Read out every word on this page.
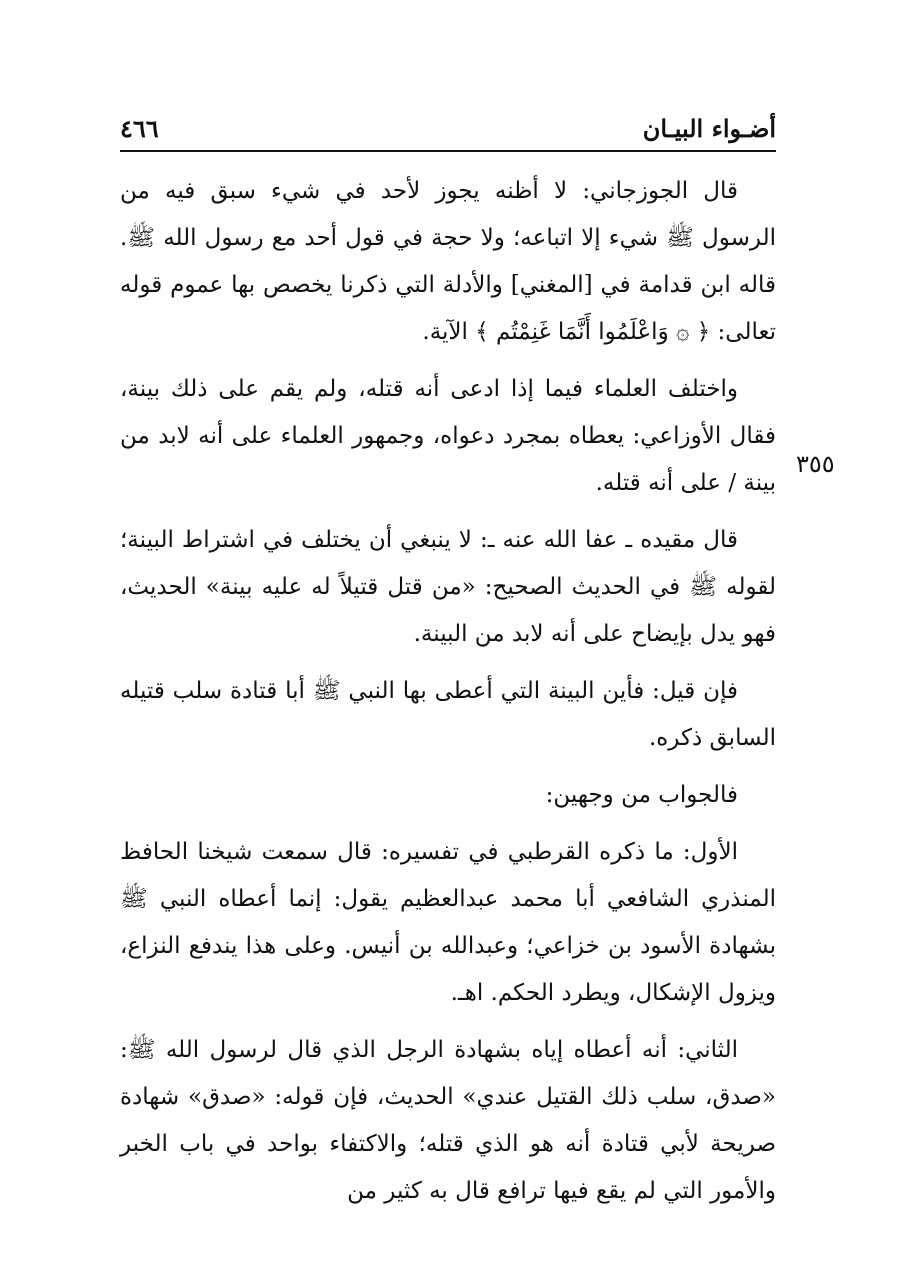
أضـواء البيـان
٤٦٦
٣٥٥

قال الجوزجاني: لا أظنه يجوز لأحد في شيء سبق فيه من الرسول ﷺ شيء إلا اتباعه؛ ولا حجة في قول أحد مع رسول الله ﷺ. قاله ابن قدامة في [المغني] والأدلة التي ذكرنا يخصص بها عموم قوله تعالى: ﴿ ۞ وَاعْلَمُوا أَنَّمَا غَنِمْتُم ﴾ الآية.

واختلف العلماء فيما إذا ادعى أنه قتله، ولم يقم على ذلك بينة، فقال الأوزاعي: يعطاه بمجرد دعواه، وجمهور العلماء على أنه لابد من بينة / على أنه قتله.

قال مقيده ـ عفا الله عنه ـ: لا ينبغي أن يختلف في اشتراط البينة؛ لقوله ﷺ في الحديث الصحيح: «من قتل قتيلاً له عليه بينة» الحديث، فهو يدل بإيضاح على أنه لابد من البينة.

فإن قيل: فأين البينة التي أعطى بها النبي ﷺ أبا قتادة سلب قتيله السابق ذكره.

فالجواب من وجهين:

الأول: ما ذكره القرطبي في تفسيره: قال سمعت شيخنا الحافظ المنذري الشافعي أبا محمد عبدالعظيم يقول: إنما أعطاه النبي ﷺ بشهادة الأسود بن خزاعي؛ وعبدالله بن أنيس. وعلى هذا يندفع النزاع، ويزول الإشكال، ويطرد الحكم. اهـ.

الثاني: أنه أعطاه إياه بشهادة الرجل الذي قال لرسول الله ﷺ: «صدق، سلب ذلك القتيل عندي» الحديث، فإن قوله: «صدق» شهادة صريحة لأبي قتادة أنه هو الذي قتله؛ والاكتفاء بواحد في باب الخبر والأمور التي لم يقع فيها ترافع قال به كثير من
